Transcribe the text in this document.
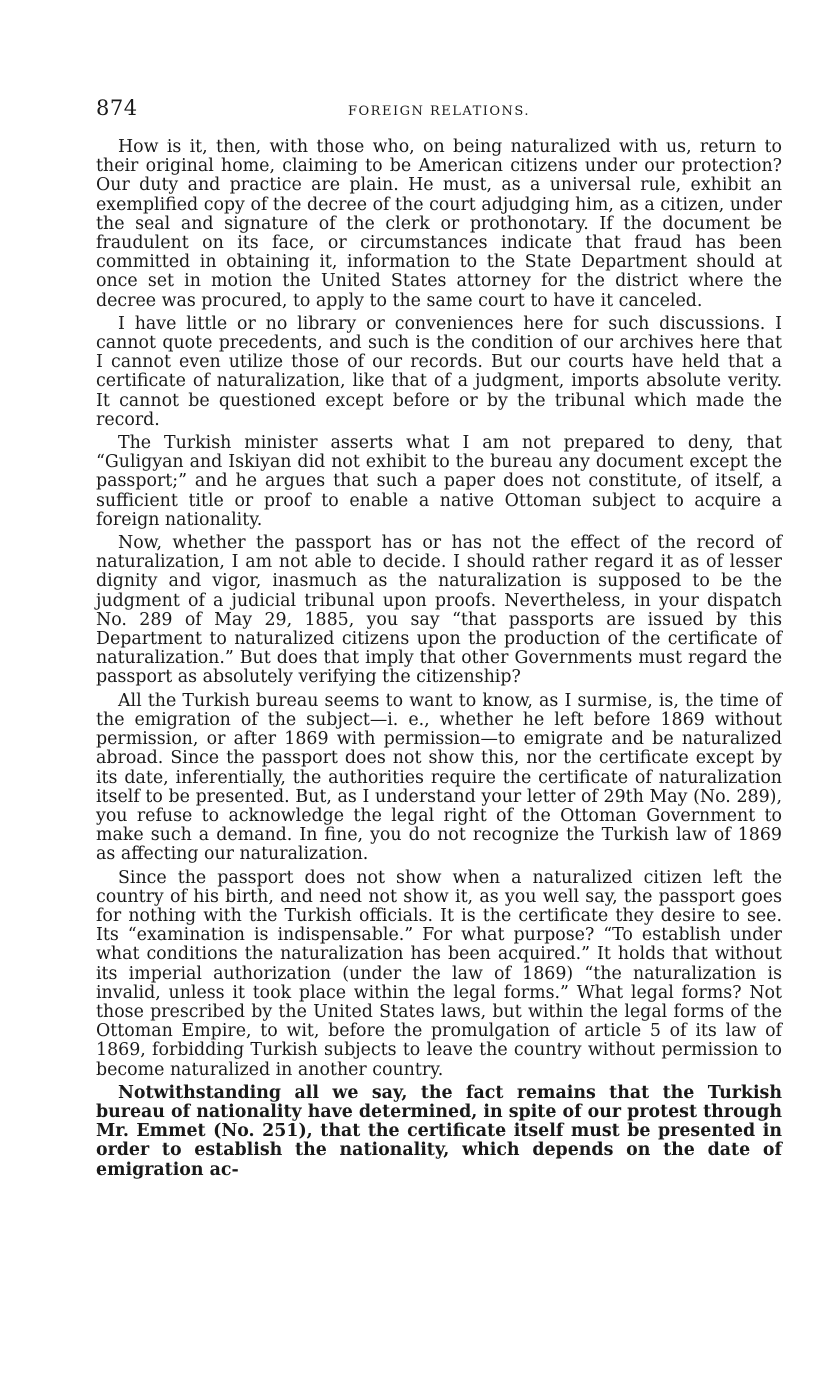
874	FOREIGN RELATIONS.

How is it, then, with those who, on being naturalized with us, return to their original home, claiming to be American citizens under our protection? Our duty and practice are plain. He must, as a universal rule, exhibit an exemplified copy of the decree of the court adjudging him, as a citizen, under the seal and signature of the clerk or prothonotary. If the document be fraudulent on its face, or circumstances indicate that fraud has been committed in obtaining it, information to the State Department should at once set in motion the United States attorney for the district where the decree was procured, to apply to the same court to have it canceled.

I have little or no library or conveniences here for such discussions. I cannot quote precedents, and such is the condition of our archives here that I cannot even utilize those of our records. But our courts have held that a certificate of naturalization, like that of a judgment, imports absolute verity. It cannot be questioned except before or by the tribunal which made the record.

The Turkish minister asserts what I am not prepared to deny, that “Guligyan and Iskiyan did not exhibit to the bureau any document except the passport;” and he argues that such a paper does not constitute, of itself, a sufficient title or proof to enable a native Ottoman subject to acquire a foreign nationality.

Now, whether the passport has or has not the effect of the record of naturalization, I am not able to decide. I should rather regard it as of lesser dignity and vigor, inasmuch as the naturalization is supposed to be the judgment of a judicial tribunal upon proofs. Nevertheless, in your dispatch No. 289 of May 29, 1885, you say “that passports are issued by this Department to naturalized citizens upon the production of the certificate of naturalization.” But does that imply that other Governments must regard the passport as absolutely verifying the citizenship?

All the Turkish bureau seems to want to know, as I surmise, is, the time of the emigration of the subject—i. e., whether he left before 1869 without permission, or after 1869 with permission—to emigrate and be naturalized abroad. Since the passport does not show this, nor the certificate except by its date, inferentially, the authorities require the certificate of naturalization itself to be presented. But, as I understand your letter of 29th May (No. 289), you refuse to acknowledge the legal right of the Ottoman Government to make such a demand. In fine, you do not recognize the Turkish law of 1869 as affecting our naturalization.

Since the passport does not show when a naturalized citizen left the country of his birth, and need not show it, as you well say, the passport goes for nothing with the Turkish officials. It is the certificate they desire to see. Its “examination is indispensable.” For what purpose? “To establish under what conditions the naturalization has been acquired.” It holds that without its imperial authorization (under the law of 1869) “the naturalization is invalid, unless it took place within the legal forms.” What legal forms? Not those prescribed by the United States laws, but within the legal forms of the Ottoman Empire, to wit, before the promulgation of article 5 of its law of 1869, forbidding Turkish subjects to leave the country without permission to become naturalized in another country.

Notwithstanding all we say, the fact remains that the Turkish bureau of nationality have determined, in spite of our protest through Mr. Emmet (No. 251), that the certificate itself must be presented in order to establish the nationality, which depends on the date of emigration ac-
